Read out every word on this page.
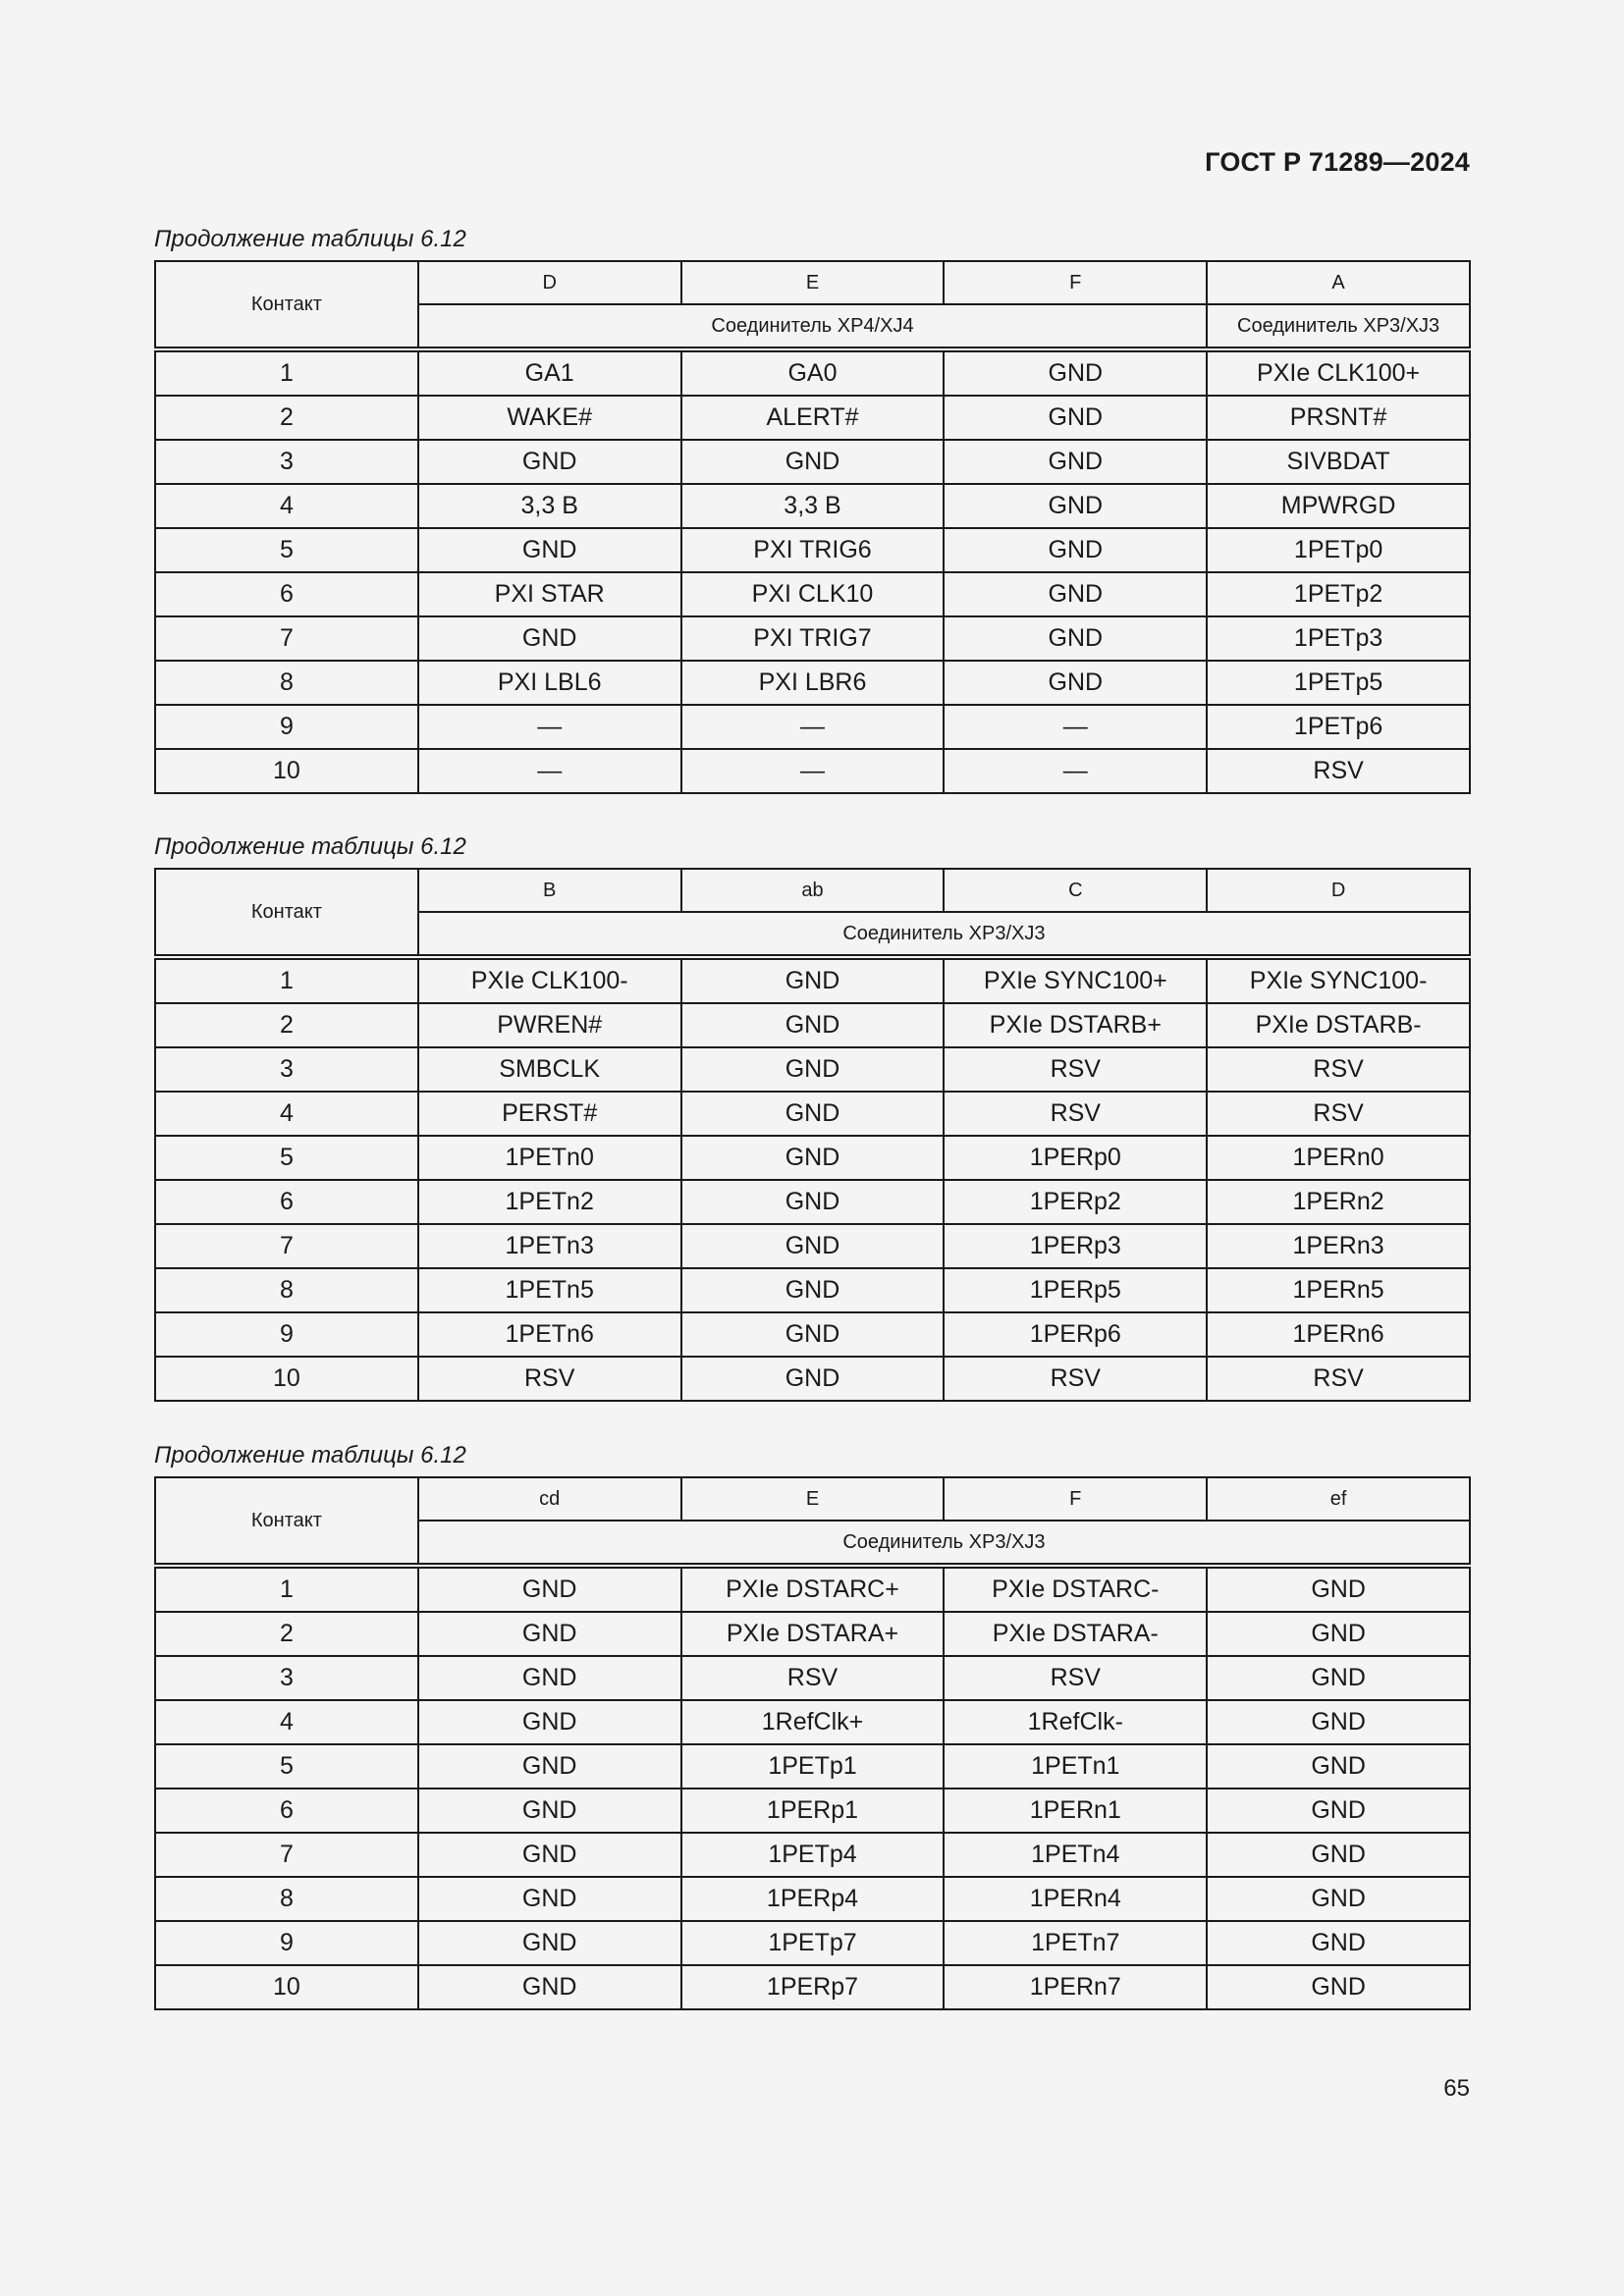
ГОСТ Р 71289—2024
Продолжение таблицы 6.12
Контакт	D	E	F	A
	Соединитель XP4/XJ4			Соединитель XP3/XJ3
1	GA1	GA0	GND	PXIe CLK100+
2	WAKE#	ALERT#	GND	PRSNT#
3	GND	GND	GND	SIVBDAT
4	3,3 В	3,3 В	GND	MPWRGD
5	GND	PXI TRIG6	GND	1PETp0
6	PXI STAR	PXI CLK10	GND	1PETp2
7	GND	PXI TRIG7	GND	1PETp3
8	PXI LBL6	PXI LBR6	GND	1PETp5
9	—	—	—	1PETp6
10	—	—	—	RSV
Продолжение таблицы 6.12
Контакт	B	ab	C	D
	Соединитель XP3/XJ3			
1	PXIe CLK100-	GND	PXIe SYNC100+	PXIe SYNC100-
2	PWREN#	GND	PXIe DSTARB+	PXIe DSTARB-
3	SMBCLK	GND	RSV	RSV
4	PERST#	GND	RSV	RSV
5	1PETn0	GND	1PERp0	1PERn0
6	1PETn2	GND	1PERp2	1PERn2
7	1PETn3	GND	1PERp3	1PERn3
8	1PETn5	GND	1PERp5	1PERn5
9	1PETn6	GND	1PERp6	1PERn6
10	RSV	GND	RSV	RSV
Продолжение таблицы 6.12
Контакт	cd	E	F	ef
	Соединитель XP3/XJ3			
1	GND	PXIe DSTARC+	PXIe DSTARC-	GND
2	GND	PXIe DSTARA+	PXIe DSTARA-	GND
3	GND	RSV	RSV	GND
4	GND	1RefClk+	1RefClk-	GND
5	GND	1PETp1	1PETn1	GND
6	GND	1PERp1	1PERn1	GND
7	GND	1PETp4	1PETn4	GND
8	GND	1PERp4	1PERn4	GND
9	GND	1PETp7	1PETn7	GND
10	GND	1PERp7	1PERn7	GND
65
